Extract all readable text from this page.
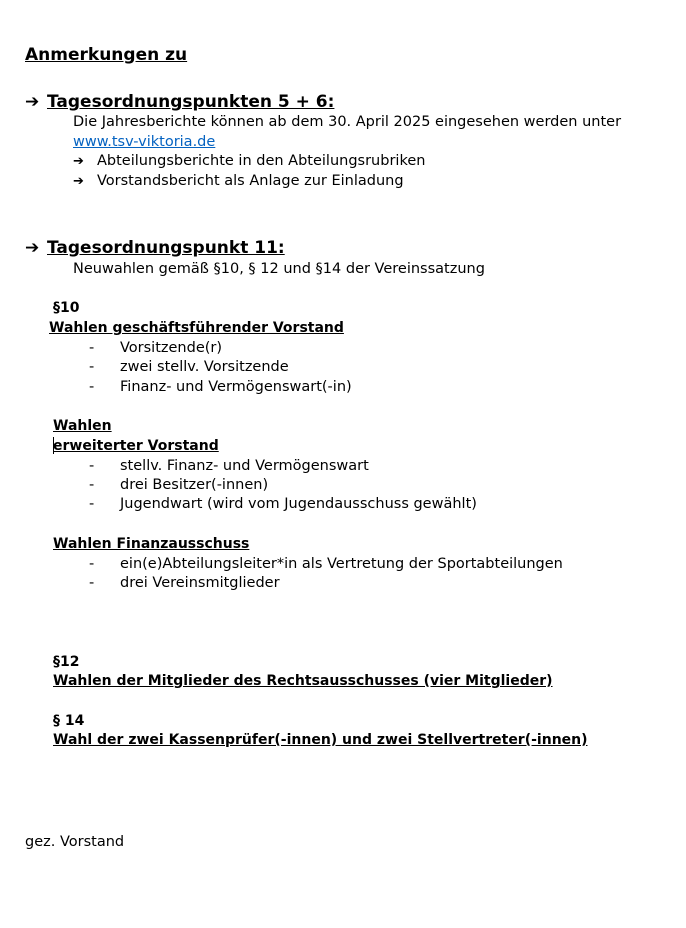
Anmerkungen zu
➔ Tagesordnungspunkten 5 + 6:
Die Jahresberichte können ab dem 30. April 2025 eingesehen werden unter
www.tsv-viktoria.de
➔ Abteilungsberichte in den Abteilungsrubriken
➔ Vorstandsbericht als Anlage zur Einladung
➔ Tagesordnungspunkt 11:
Neuwahlen gemäß §10, § 12 und §14 der Vereinssatzung
§10
Wahlen geschäftsführender Vorstand
- Vorsitzende(r)
- zwei stellv. Vorsitzende
- Finanz- und Vermögenswart(-in)
Wahlen
erweiterter Vorstand
- stellv. Finanz- und Vermögenswart
- drei Besitzer(-innen)
- Jugendwart (wird vom Jugendausschuss gewählt)
Wahlen Finanzausschuss
- ein(e)Abteilungsleiter*in als Vertretung der Sportabteilungen
- drei Vereinsmitglieder
§12
Wahlen der Mitglieder des Rechtsausschusses (vier Mitglieder)
§ 14
Wahl der zwei Kassenprüfer(-innen) und zwei Stellvertreter(-innen)
gez. Vorstand
